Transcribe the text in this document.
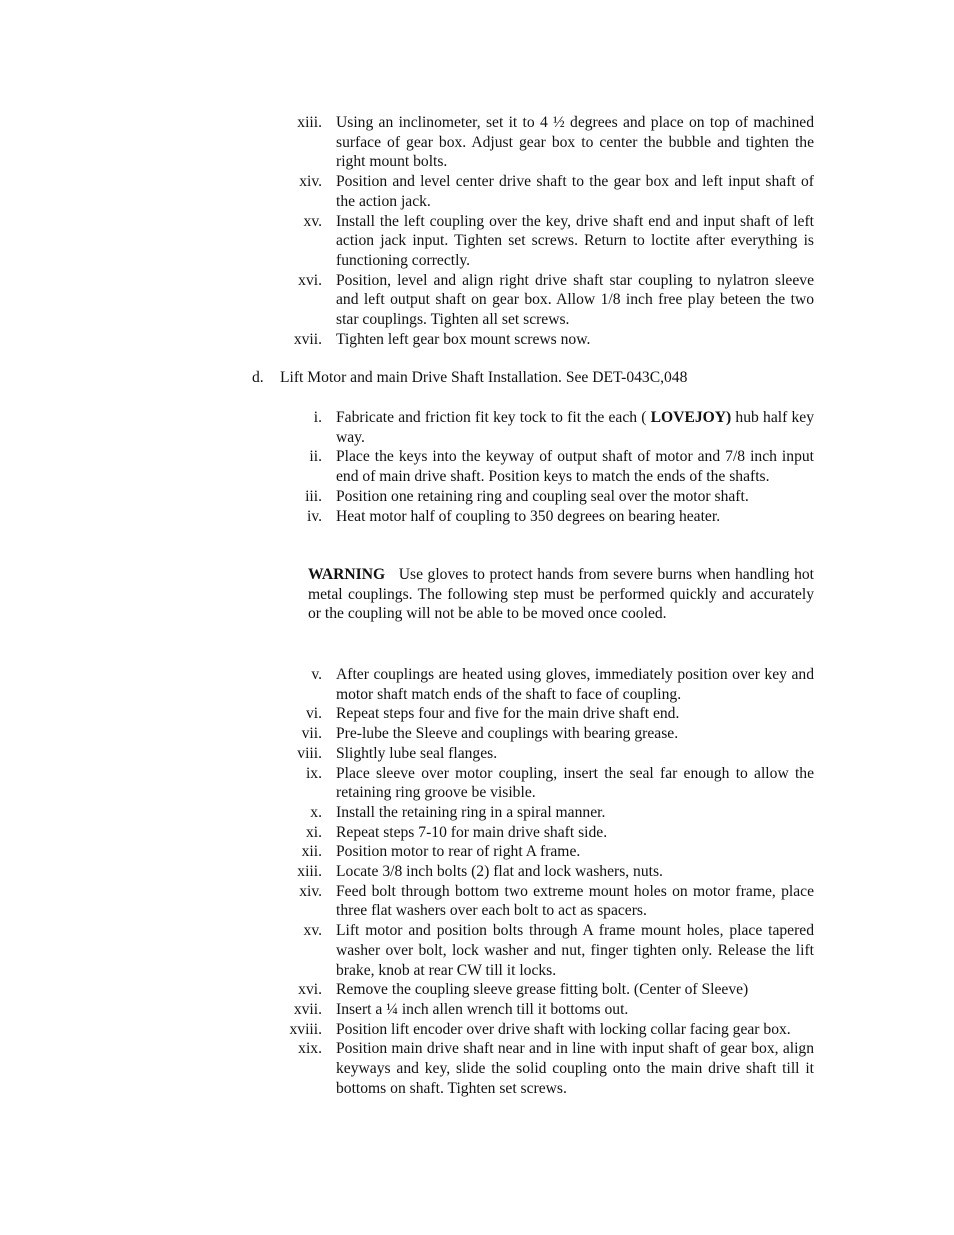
xiii. Using an inclinometer, set it to 4 ½ degrees and place on top of machined surface of gear box. Adjust gear box to center the bubble and tighten the right mount bolts.
xiv. Position and level center drive shaft to the gear box and left input shaft of the action jack.
xv. Install the left coupling over the key, drive shaft end and input shaft of left action jack input. Tighten set screws. Return to loctite after everything is functioning correctly.
xvi. Position, level and align right drive shaft star coupling to nylatron sleeve and left output shaft on gear box. Allow 1/8 inch free play beteen the two star couplings. Tighten all set screws.
xvii. Tighten left gear box mount screws now.
d. Lift Motor and main Drive Shaft Installation. See DET-043C,048
i. Fabricate and friction fit key tock to fit the each ( LOVEJOY) hub half key way.
ii. Place the keys into the keyway of output shaft of motor and 7/8 inch input end of main drive shaft. Position keys to match the ends of the shafts.
iii. Position one retaining ring and coupling seal over the motor shaft.
iv. Heat motor half of coupling to 350 degrees on bearing heater.
WARNING Use gloves to protect hands from severe burns when handling hot metal couplings. The following step must be performed quickly and accurately or the coupling will not be able to be moved once cooled.
v. After couplings are heated using gloves, immediately position over key and motor shaft match ends of the shaft to face of coupling.
vi. Repeat steps four and five for the main drive shaft end.
vii. Pre-lube the Sleeve and couplings with bearing grease.
viii. Slightly lube seal flanges.
ix. Place sleeve over motor coupling, insert the seal far enough to allow the retaining ring groove be visible.
x. Install the retaining ring in a spiral manner.
xi. Repeat steps 7-10 for main drive shaft side.
xii. Position motor to rear of right A frame.
xiii. Locate 3/8 inch bolts (2) flat and lock washers, nuts.
xiv. Feed bolt through bottom two extreme mount holes on motor frame, place three flat washers over each bolt to act as spacers.
xv. Lift motor and position bolts through A frame mount holes, place tapered washer over bolt, lock washer and nut, finger tighten only. Release the lift brake, knob at rear CW till it locks.
xvi. Remove the coupling sleeve grease fitting bolt. (Center of Sleeve)
xvii. Insert a ¼ inch allen wrench till it bottoms out.
xviii. Position lift encoder over drive shaft with locking collar facing gear box.
xix. Position main drive shaft near and in line with input shaft of gear box, align keyways and key, slide the solid coupling onto the main drive shaft till it bottoms on shaft. Tighten set screws.
